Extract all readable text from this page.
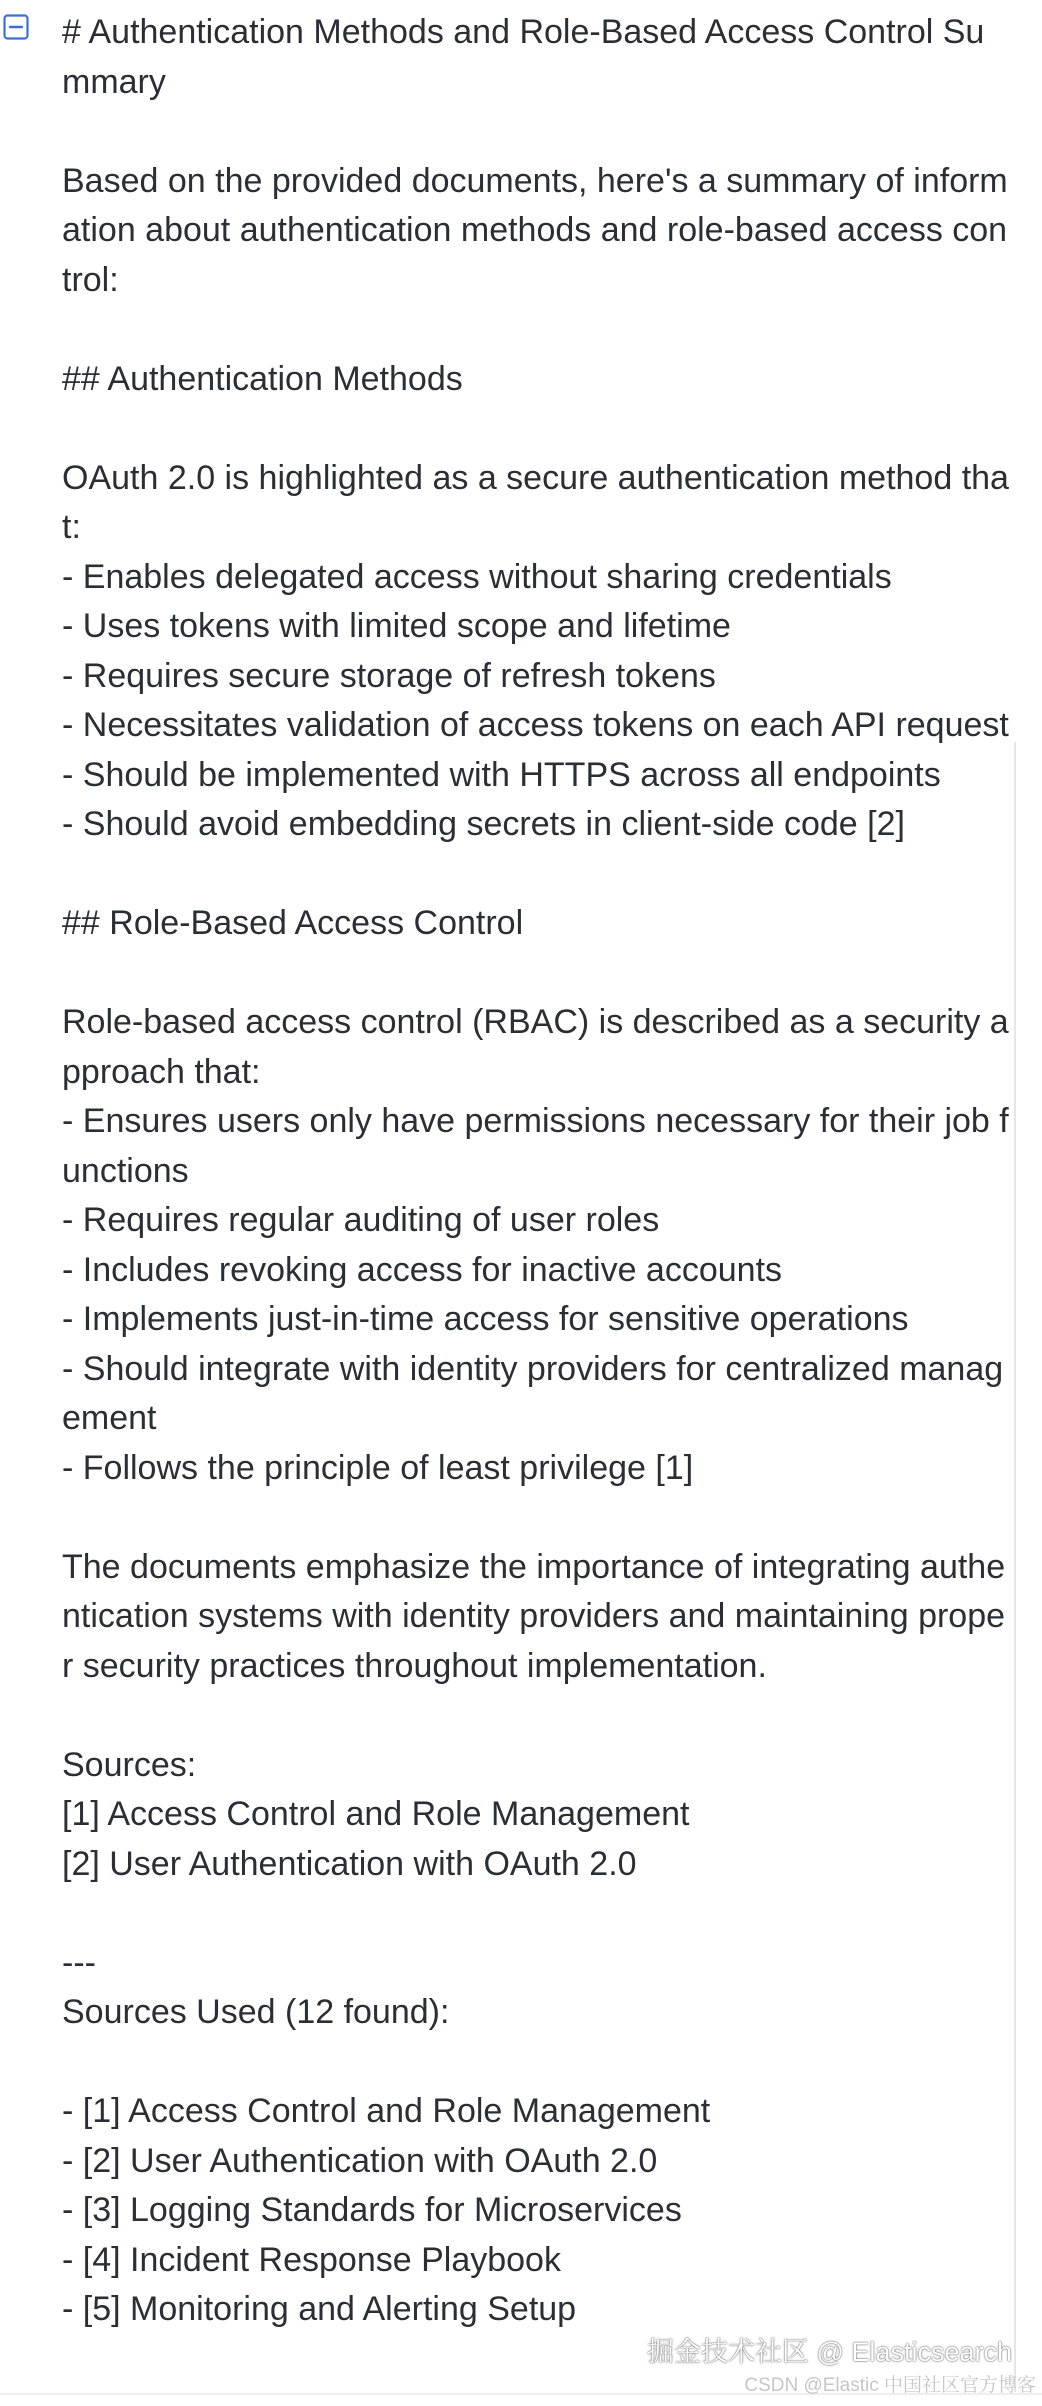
# Authentication Methods and Role-Based Access Control Summary

Based on the provided documents, here's a summary of information about authentication methods and role-based access control:

## Authentication Methods

OAuth 2.0 is highlighted as a secure authentication method that:
- Enables delegated access without sharing credentials
- Uses tokens with limited scope and lifetime
- Requires secure storage of refresh tokens
- Necessitates validation of access tokens on each API request
- Should be implemented with HTTPS across all endpoints
- Should avoid embedding secrets in client-side code [2]

## Role-Based Access Control

Role-based access control (RBAC) is described as a security approach that:
- Ensures users only have permissions necessary for their job functions
- Requires regular auditing of user roles
- Includes revoking access for inactive accounts
- Implements just-in-time access for sensitive operations
- Should integrate with identity providers for centralized management
- Follows the principle of least privilege [1]

The documents emphasize the importance of integrating authentication systems with identity providers and maintaining proper security practices throughout implementation.

Sources:
[1] Access Control and Role Management
[2] User Authentication with OAuth 2.0

---
Sources Used (12 found):

- [1] Access Control and Role Management
- [2] User Authentication with OAuth 2.0
- [3] Logging Standards for Microservices
- [4] Incident Response Playbook
- [5] Monitoring and Alerting Setup
掘金技术社区 @ Elasticsearch
CSDN @Elastic 中国社区官方博客
